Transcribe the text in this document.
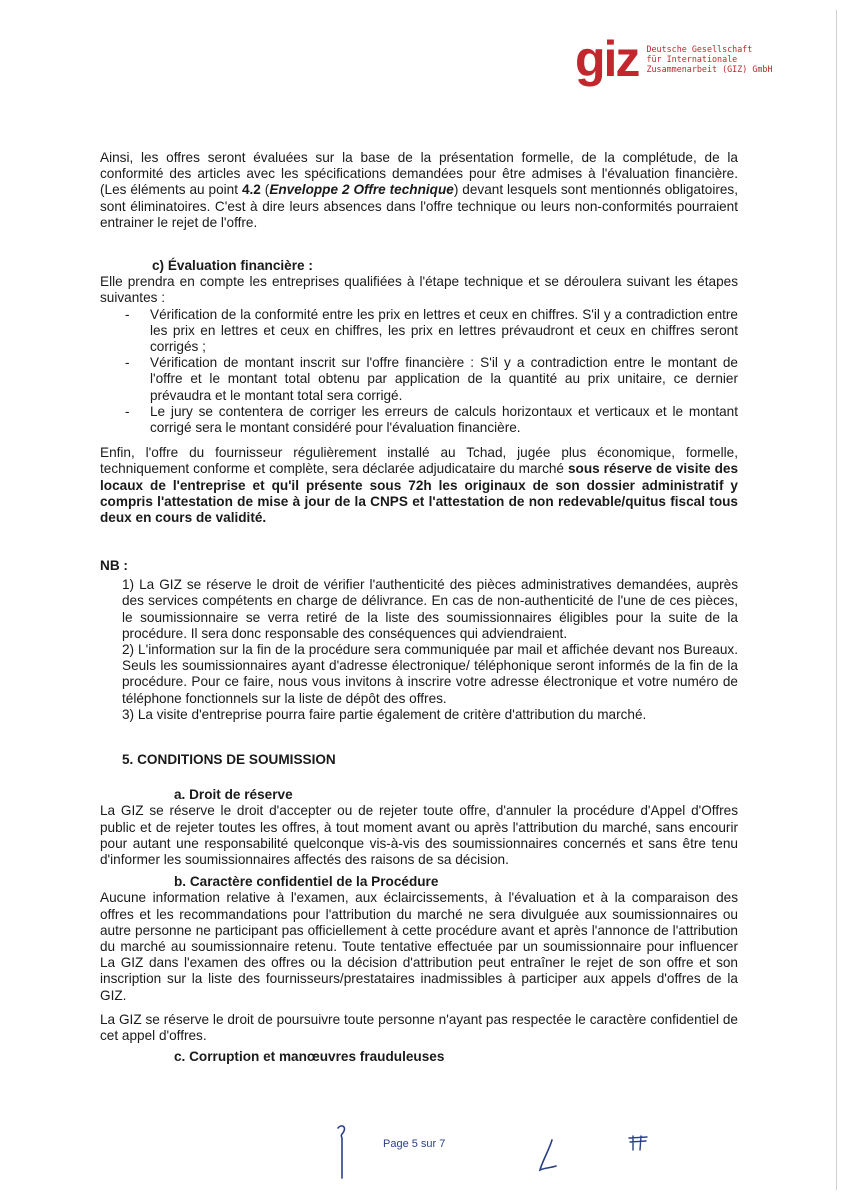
giz Deutsche Gesellschaft
für Internationale
Zusammenarbeit (GIZ) GmbH

Ainsi, les offres seront évaluées sur la base de la présentation formelle, de la complétude, de la conformité des articles avec les spécifications demandées pour être admises à l'évaluation financière. (Les éléments au point 4.2 (Enveloppe 2 Offre technique) devant lesquels sont mentionnés obligatoires, sont éliminatoires. C'est à dire leurs absences dans l'offre technique ou leurs non-conformités pourraient entrainer le rejet de l'offre.

c) Évaluation financière :

Elle prendra en compte les entreprises qualifiées à l'étape technique et se déroulera suivant les étapes suivantes :

- Vérification de la conformité entre les prix en lettres et ceux en chiffres. S'il y a contradiction entre les prix en lettres et ceux en chiffres, les prix en lettres prévaudront et ceux en chiffres seront corrigés ;
- Vérification de montant inscrit sur l'offre financière : S'il y a contradiction entre le montant de l'offre et le montant total obtenu par application de la quantité au prix unitaire, ce dernier prévaudra et le montant total sera corrigé.
- Le jury se contentera de corriger les erreurs de calculs horizontaux et verticaux et le montant corrigé sera le montant considéré pour l'évaluation financière.

Enfin, l'offre du fournisseur régulièrement installé au Tchad, jugée plus économique, formelle, techniquement conforme et complète, sera déclarée adjudicataire du marché sous réserve de visite des locaux de l'entreprise et qu'il présente sous 72h les originaux de son dossier administratif y compris l'attestation de mise à jour de la CNPS et l'attestation de non redevable/quitus fiscal tous deux en cours de validité.

NB :

1) La GIZ se réserve le droit de vérifier l'authenticité des pièces administratives demandées, auprès des services compétents en charge de délivrance. En cas de non-authenticité de l'une de ces pièces, le soumissionnaire se verra retiré de la liste des soumissionnaires éligibles pour la suite de la procédure. Il sera donc responsable des conséquences qui adviendraient.

2) L'information sur la fin de la procédure sera communiquée par mail et affichée devant nos Bureaux. Seuls les soumissionnaires ayant d'adresse électronique/ téléphonique seront informés de la fin de la procédure. Pour ce faire, nous vous invitons à inscrire votre adresse électronique et votre numéro de téléphone fonctionnels sur la liste de dépôt des offres.

3) La visite d'entreprise pourra faire partie également de critère d'attribution du marché.

5. CONDITIONS DE SOUMISSION
a. Droit de réserve

La GIZ se réserve le droit d'accepter ou de rejeter toute offre, d'annuler la procédure d'Appel d'Offres public et de rejeter toutes les offres, à tout moment avant ou après l'attribution du marché, sans encourir pour autant une responsabilité quelconque vis-à-vis des soumissionnaires concernés et sans être tenu d'informer les soumissionnaires affectés des raisons de sa décision.

b. Caractère confidentiel de la Procédure

Aucune information relative à l'examen, aux éclaircissements, à l'évaluation et à la comparaison des offres et les recommandations pour l'attribution du marché ne sera divulguée aux soumissionnaires ou autre personne ne participant pas officiellement à cette procédure avant et après l'annonce de l'attribution du marché au soumissionnaire retenu. Toute tentative effectuée par un soumissionnaire pour influencer La GIZ dans l'examen des offres ou la décision d'attribution peut entraîner le rejet de son offre et son inscription sur la liste des fournisseurs/prestataires inadmissibles à participer aux appels d'offres de la GIZ.

La GIZ se réserve le droit de poursuivre toute personne n'ayant pas respectée le caractère confidentiel de cet appel d'offres.

c. Corruption et manœuvres frauduleuses
Page 5 sur 7
